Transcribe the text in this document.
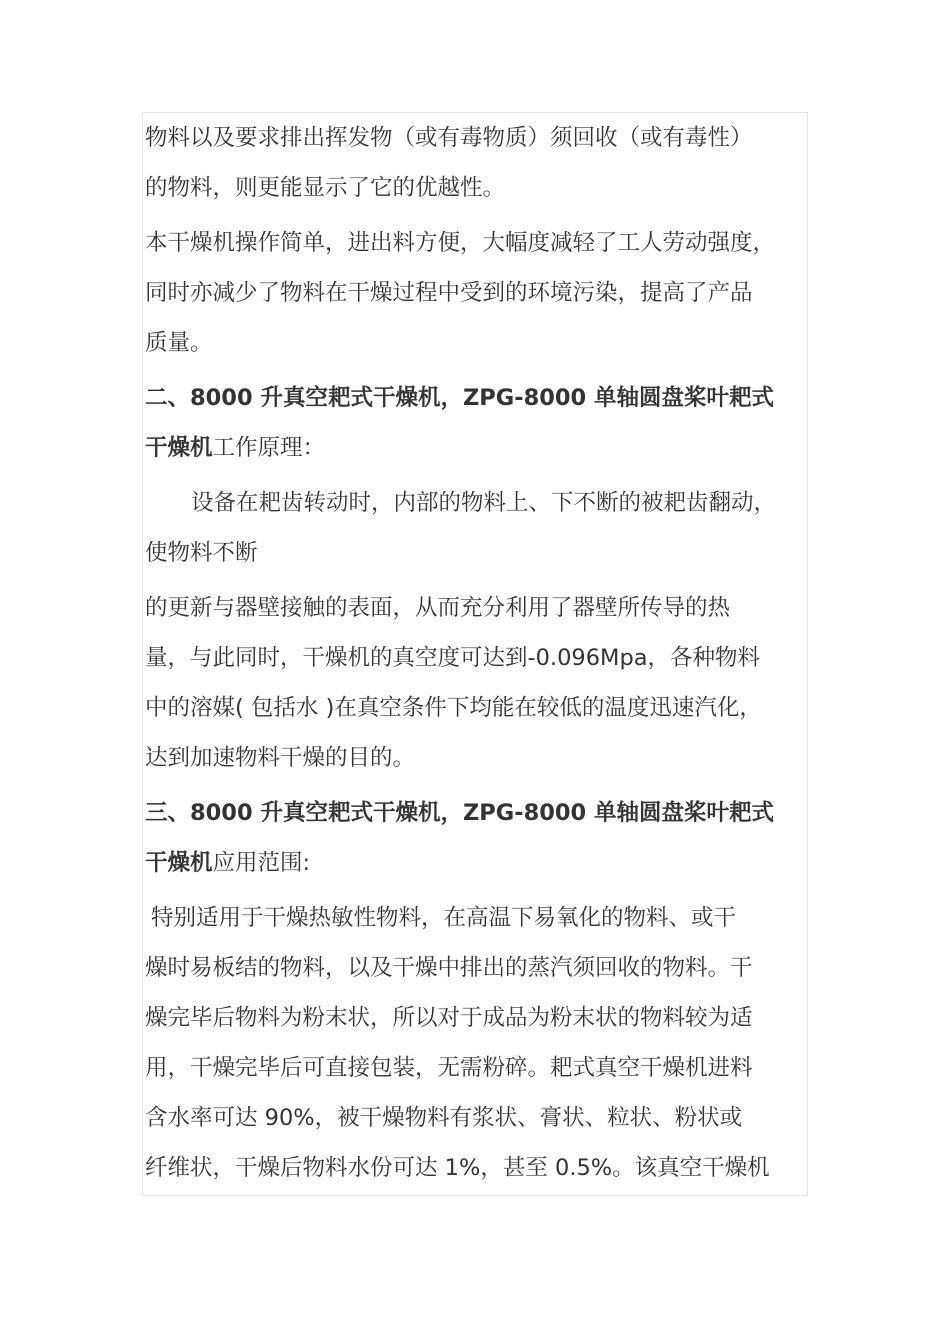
物料以及要求排出挥发物（或有毒物质）须回收（或有毒性）
的物料，则更能显示了它的优越性。
本干燥机操作简单，进出料方便，大幅度减轻了工人劳动强度，
同时亦减少了物料在干燥过程中受到的环境污染，提高了产品
质量。
二、8000 升真空耙式干燥机，ZPG-8000 单轴圆盘桨叶耙式
干燥机工作原理：
设备在耙齿转动时，内部的物料上、下不断的被耙齿翻动，
使物料不断
的更新与器壁接触的表面，从而充分利用了器壁所传导的热
量，与此同时，干燥机的真空度可达到-0.096Mpa，各种物料
中的溶媒( 包括水 )在真空条件下均能在较低的温度迅速汽化，
达到加速物料干燥的目的。
三、8000 升真空耙式干燥机，ZPG-8000 单轴圆盘桨叶耙式
干燥机应用范围:
特别适用于干燥热敏性物料，在高温下易氧化的物料、或干
燥时易板结的物料，以及干燥中排出的蒸汽须回收的物料。干
燥完毕后物料为粉末状，所以对于成品为粉末状的物料较为适
用，干燥完毕后可直接包装，无需粉碎。耙式真空干燥机进料
含水率可达 90%，被干燥物料有浆状、膏状、粒状、粉状或
纤维状，干燥后物料水份可达 1%，甚至 0.5%。该真空干燥机
